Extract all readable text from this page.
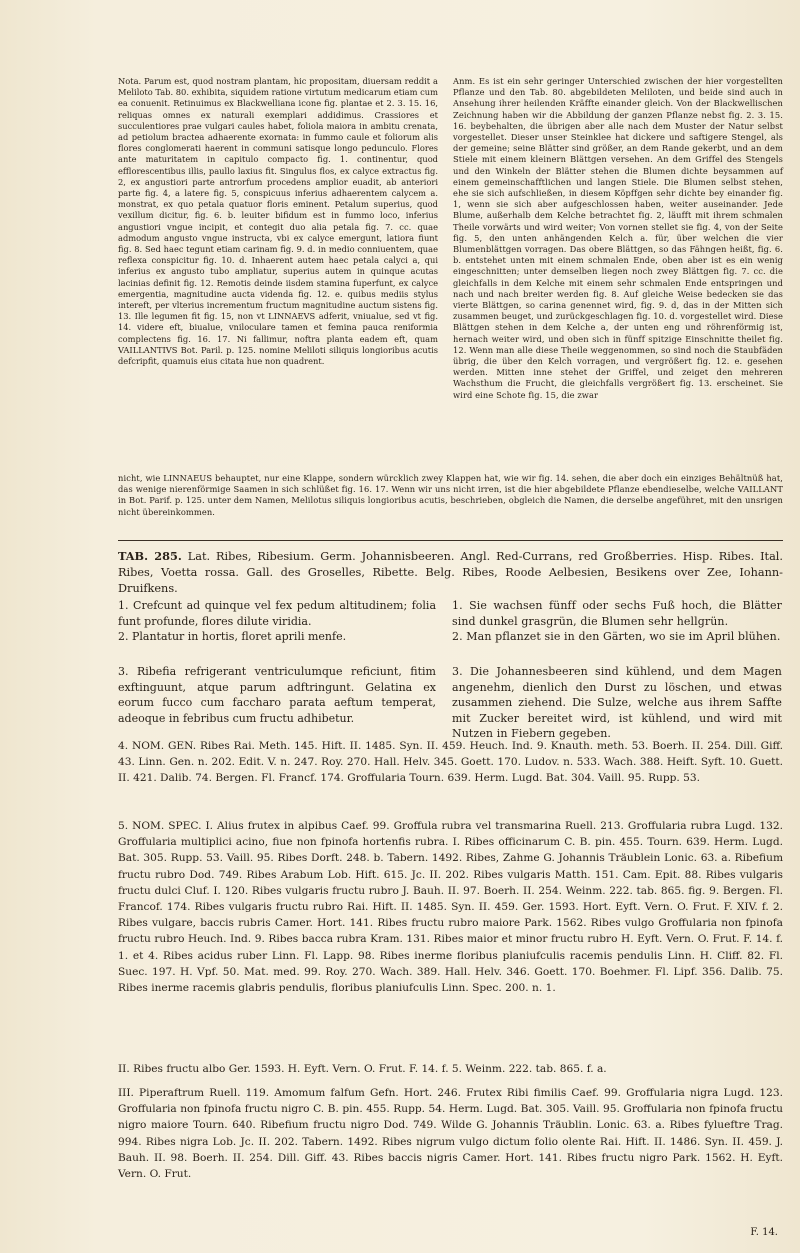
Nota. Parum est, quod nostram plantam, hic propositam, diuersam reddit a Meliloto Tab. 80. exhibita, siquidem ratione virtutum medicarum etiam cum ea conuenit. Retinuimus ex Blackwelliana icone fig. plantae et 2. 3. 15. 16, reliquas omnes ex naturali exemplari addidimus. Crassiores et succulentiores prae vulgari caules habet, foliola maiora in ambitu crenata, ad petiolum bracteа adhaerente exornata: in fummo caule et foliorum alis flores conglomerati haerent in communi satisque longo pedunculo. Flores ante maturitatem in capitulo compacto fig. 1. continentur, quod efflorescentibus illis, paullo laxius fit. Singulus flos, ex calyce extractus fig. 2, ex angustiori parte antrorfum procedens amplior euadit, ab anteriori parte fig. 4, a latere fig. 5, conspicuus inferius adhaerentem calycem a. monstrat, ex quo petala quatuor floris eminent. Petalum superius, quod vexillum dicitur, fig. 6. b. leuiter bifidum est in fummo loco, inferius angustiori vngue incipit, et contegit duo alia petala fig. 7. cc. quae admodum angusto vngue instructa, vbi ex calyce emergunt, latiora fiunt fig. 8. Sed haec tegunt etiam carinam fig. 9. d. in medio conniuentem, quae reflexa conspicitur fig. 10. d. Inhaerent autem haec petala calyci a, qui inferius ex angusto tubo ampliatur, superius autem in quinque acutas lacinias definit fig. 12. Remotis deinde iisdem stamina fuperfunt, ex calyce emergentia, magnitudine aucta videnda fig. 12. e. quibus mediis stylus intereft, per vlterius incrementum fructum magnitudine auctum sistens fig. 13. Ille legumen fit fig. 15, non vt LINNAEVS adferit, vniualue, sed vt fig. 14. videre eft, biualue, vniloculare tamen et femina pauca reniformia complectens fig. 16. 17. Ni fallimur, noftra planta eadem eft, quam VAILLANTIVS Bot. Paril. p. 125. nomine Meliloti siliquis longioribus acutis defcripfit, quamuis eius citata hue non quadrent.

Anm. Es ist ein sehr geringer Unterschied zwischen der hier vorgestellten Pflanze und den Tab. 80. abgebildeten Meliloten, und beide sind auch in Ansehung ihrer heilenden Kräffte einander gleich. Von der Blackwellischen Zeichnung haben wir die Abbildung der ganzen Pflanze nebst fig. 2. 3. 15. 16. beybehalten, die übrigen aber alle nach dem Muster der Natur selbst vorgestellet. Dieser unser Steinklee hat dickere und saftigere Stengel, als der gemeine; seine Blätter sind größer, an dem Rande gekerbt, und an dem Stiele mit einem kleinern Blättgen versehen. An dem Griffel des Stengels und den Winkeln der Blätter stehen die Blumen dichte beysammen auf einem gemeinschafftlichen und langen Stiele. Die Blumen selbst stehen, ehe sie sich aufschließen, in diesem Köpffgen sehr dichte bey einander fig. 1, wenn sie sich aber aufgeschlossen haben, weiter auseinander. Jede Blume, außerhalb dem Kelche betrachtet fig. 2, läufft mit ihrem schmalen Theile vorwärts und wird weiter; Von vornen stellet sie fig. 4, von der Seite fig. 5, den unten anhängenden Kelch a. für, über welchen die vier Blumenblättgen vorragen. Das obere Blättgen, so das Fähngen heißt, fig. 6. b. entstehet unten mit einem schmalen Ende, oben aber ist es ein wenig eingeschnitten; unter demselben liegen noch zwey Blättgen fig. 7. cc. die gleichfalls in dem Kelche mit einem sehr schmalen Ende entspringen und nach und nach breiter werden fig. 8. Auf gleiche Weise bedecken sie das vierte Blättgen, so carina genennet wird, fig. 9. d, das in der Mitten sich zusammen beuget, und zurückgeschlagen fig. 10. d. vorgestellet wird. Diese Blättgen stehen in dem Kelche a, der unten eng und röhrenförmig ist, hernach weiter wird, und oben sich in fünff spitzige Einschnitte theilet fig. 12. Wenn man alle diese Theile weggenommen, so sind noch die Staubfäden übrig, die über den Kelch vorragen, und vergrößert fig. 12. e. gesehen werden. Mitten inne stehet der Griffel, und zeiget den mehreren Wachsthum die Frucht, die gleichfalls vergrößert fig. 13. erscheinet. Sie wird eine Schote fig. 15, die zwar

nicht, wie LINNAEUS behauptet, nur eine Klappe, sondern würcklich zwey Klappen hat, wie wir fig. 14. sehen, die aber doch ein einziges Behältnüß hat, das wenige nierenförmige Saamen in sich schlüßet fig. 16. 17. Wenn wir uns nicht irren, ist die hier abgebildete Pflanze ebendieselbe, welche VAILLANT in Bot. Parif. p. 125. unter dem Namen, Melilotus siliquis longioribus acutis, beschrieben, obgleich die Namen, die derselbe angeführet, mit den unsrigen nicht übereinkommen.

TAB. 285. Lat. Ribes, Ribesium. Germ. Johannisbeeren. Angl. Red-Currans, red Großberries. Hisp. Ribes. Ital. Ribes, Voetta rossa. Gall. des Groselles, Ribette. Belg. Ribes, Roode Aelbesien, Besikens over Zee, Iohann-Druifkens.
1. Crefcunt ad quinque vel fex pedum altitudinem; folia funt profunde, flores dilute viridia.
2. Plantatur in hortis, floret aprili menfe.
1. Sie wachsen fünff oder sechs Fuß hoch, die Blätter sind dunkel grasgrün, die Blumen sehr hellgrün.
2. Man pflanzet sie in den Gärten, wo sie im April blühen.
3. Ribefia refrigerant ventriculumque reficiunt, fitim exftinguunt, atque parum adftringunt. Gelatina ex eorum fucco cum faccharo parata aeftum temperat, adeoque in febribus cum fructu adhibetur.
3. Die Johannesbeeren sind kühlend, und dem Magen angenehm, dienlich den Durst zu löschen, und etwas zusammen ziehend. Die Sulze, welche aus ihrem Saffte mit Zucker bereitet wird, ist kühlend, und wird mit Nutzen in Fiebern gegeben.
4. NOM. GEN. Ribes Rai. Meth. 145. Hift. II. 1485. Syn. II. 459. Heuch. Ind. 9. Knauth. meth. 53. Boerh. II. 254. Dill. Giff. 43. Linn. Gen. n. 202. Edit. V. n. 247. Roy. 270. Hall. Helv. 345. Goett. 170. Ludov. n. 533. Wach. 388. Heift. Syft. 10. Guett. II. 421. Dalib. 74. Bergen. Fl. Francf. 174. Groffularia Tourn. 639. Herm. Lugd. Bat. 304. Vaill. 95. Rupp. 53.
5. NOM. SPEC. I. Alius frutex in alpibus Caef. 99. Groffula rubra vel transmarina Ruell. 213. Groffularia rubra Lugd. 132. Groffularia multiplici acino, fiue non fpinofa hortenfis rubra. I. Ribes officinarum C. B. pin. 455. Tourn. 639. Herm. Lugd. Bat. 305. Rupp. 53. Vaill. 95. Ribes Dorft. 248. b. Tabern. 1492. Ribes, Zahme G. Johannis Träublein Lonic. 63. a. Ribefium fructu rubro Dod. 749. Ribes Arabum Lob. Hift. 615. Jc. II. 202. Ribes vulgaris Matth. 151. Cam. Epit. 88. Ribes vulgaris fructu dulci Cluf. I. 120. Ribes vulgaris fructu rubro J. Bauh. II. 97. Boerh. II. 254. Weinm. 222. tab. 865. fig. 9. Bergen. Fl. Francof. 174. Ribes vulgaris fructu rubro Rai. Hift. II. 1485. Syn. II. 459. Ger. 1593. Hort. Eyft. Vern. O. Frut. F. XIV. f. 2. Ribes vulgare, baccis rubris Camer. Hort. 141. Ribes fructu rubro maiore Park. 1562. Ribes vulgo Groffularia non fpinofa fructu rubro Heuch. Ind. 9. Ribes bacca rubra Kram. 131. Ribes maior et minor fructu rubro H. Eyft. Vern. O. Frut. F. 14. f. 1. et 4. Ribes acidus ruber Linn. Fl. Lapp. 98. Ribes inerme floribus planiufculis racemis pendulis Linn. H. Cliff. 82. Fl. Suec. 197. H. Vpf. 50. Mat. med. 99. Roy. 270. Wach. 389. Hall. Helv. 346. Goett. 170. Boehmer. Fl. Lipf. 356. Dalib. 75. Ribes inerme racemis glabris pendulis, floribus planiufculis Linn. Spec. 200. n. 1.
II. Ribes fructu albo Ger. 1593. H. Eyft. Vern. O. Frut. F. 14. f. 5. Weinm. 222. tab. 865. f. a.
III. Piperaftrum Ruell. 119. Amomum falfum Gefn. Hort. 246. Frutex Ribi fimilis Caef. 99. Groffularia nigra Lugd. 123. Groffularia non fpinofa fructu nigro C. B. pin. 455. Rupp. 54. Herm. Lugd. Bat. 305. Vaill. 95. Groffularia non fpinofa fructu nigro maiore Tourn. 640. Ribefium fructu nigro Dod. 749. Wilde G. Johannis Träublin. Lonic. 63. a. Ribes fylueftre Trag. 994. Ribes nigra Lob. Jc. II. 202. Tabern. 1492. Ribes nigrum vulgo dictum folio olente Rai. Hift. II. 1486. Syn. II. 459. J. Bauh. II. 98. Boerh. II. 254. Dill. Giff. 43. Ribes baccis nigris Camer. Hort. 141. Ribes fructu nigro Park. 1562. H. Eyft. Vern. O. Frut.
F. 14.
